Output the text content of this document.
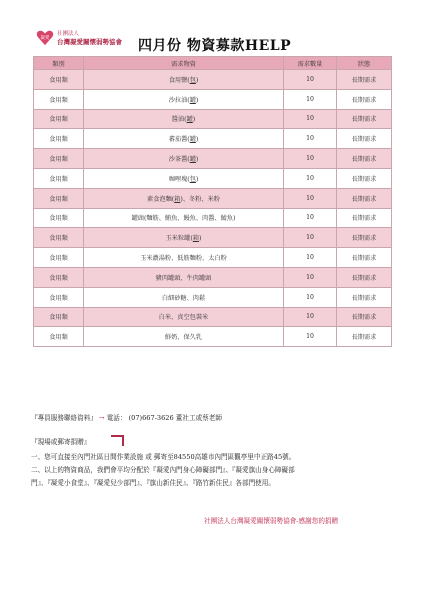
凝愛
社團法人
台灣凝愛關懷弱勢協會 四月份 物資募款HELP
類別	需求物資	需求數量	狀態
食用類	食用鹽(包)	10	長期需求
食用類	沙拉油(罐)	10	長期需求
食用類	醬油(罐)	10	長期需求
食用類	蕃茄醬(罐)	10	長期需求
食用類	沙茶醬(罐)	10	長期需求
食用類	咖哩塊(包)	10	長期需求
食用類	素食泡麵(箱)、冬粉、米粉	10	長期需求
食用類	罐頭(麵筋、鮪魚、鰻魚、肉醬、鯖魚)	10	長期需求
食用類	玉米粒罐(箱)	10	長期需求
食用類	玉米濃湯粉、低筋麵粉、太白粉	10	長期需求
食用類	豬肉罐頭、牛肉罐頭	10	長期需求
食用類	白細砂糖、肉鬆	10	長期需求
食用類	白米、真空包裝米	10	長期需求
食用類	鮮奶、保久乳	10	長期需求
『專員服務聯絡資料』 → 電話： (07)667-3626 董社工或蔡老師
『現場或郵寄捐贈』
一、您可直接至內門社區日間作業設施 或 郵寄至84550高雄市內門區觀亭里中正路45號。
二、以上的物資商品，我們會平均分配於『凝愛內門身心障礙部門』、『凝愛旗山身心障礙部
門』、『凝愛小食堂』、『凝愛兒少部門』、『旗山新住民』、『路竹新住民』各部門使用。
社團法人台灣凝愛關懷弱勢協會-感謝您的捐贈
